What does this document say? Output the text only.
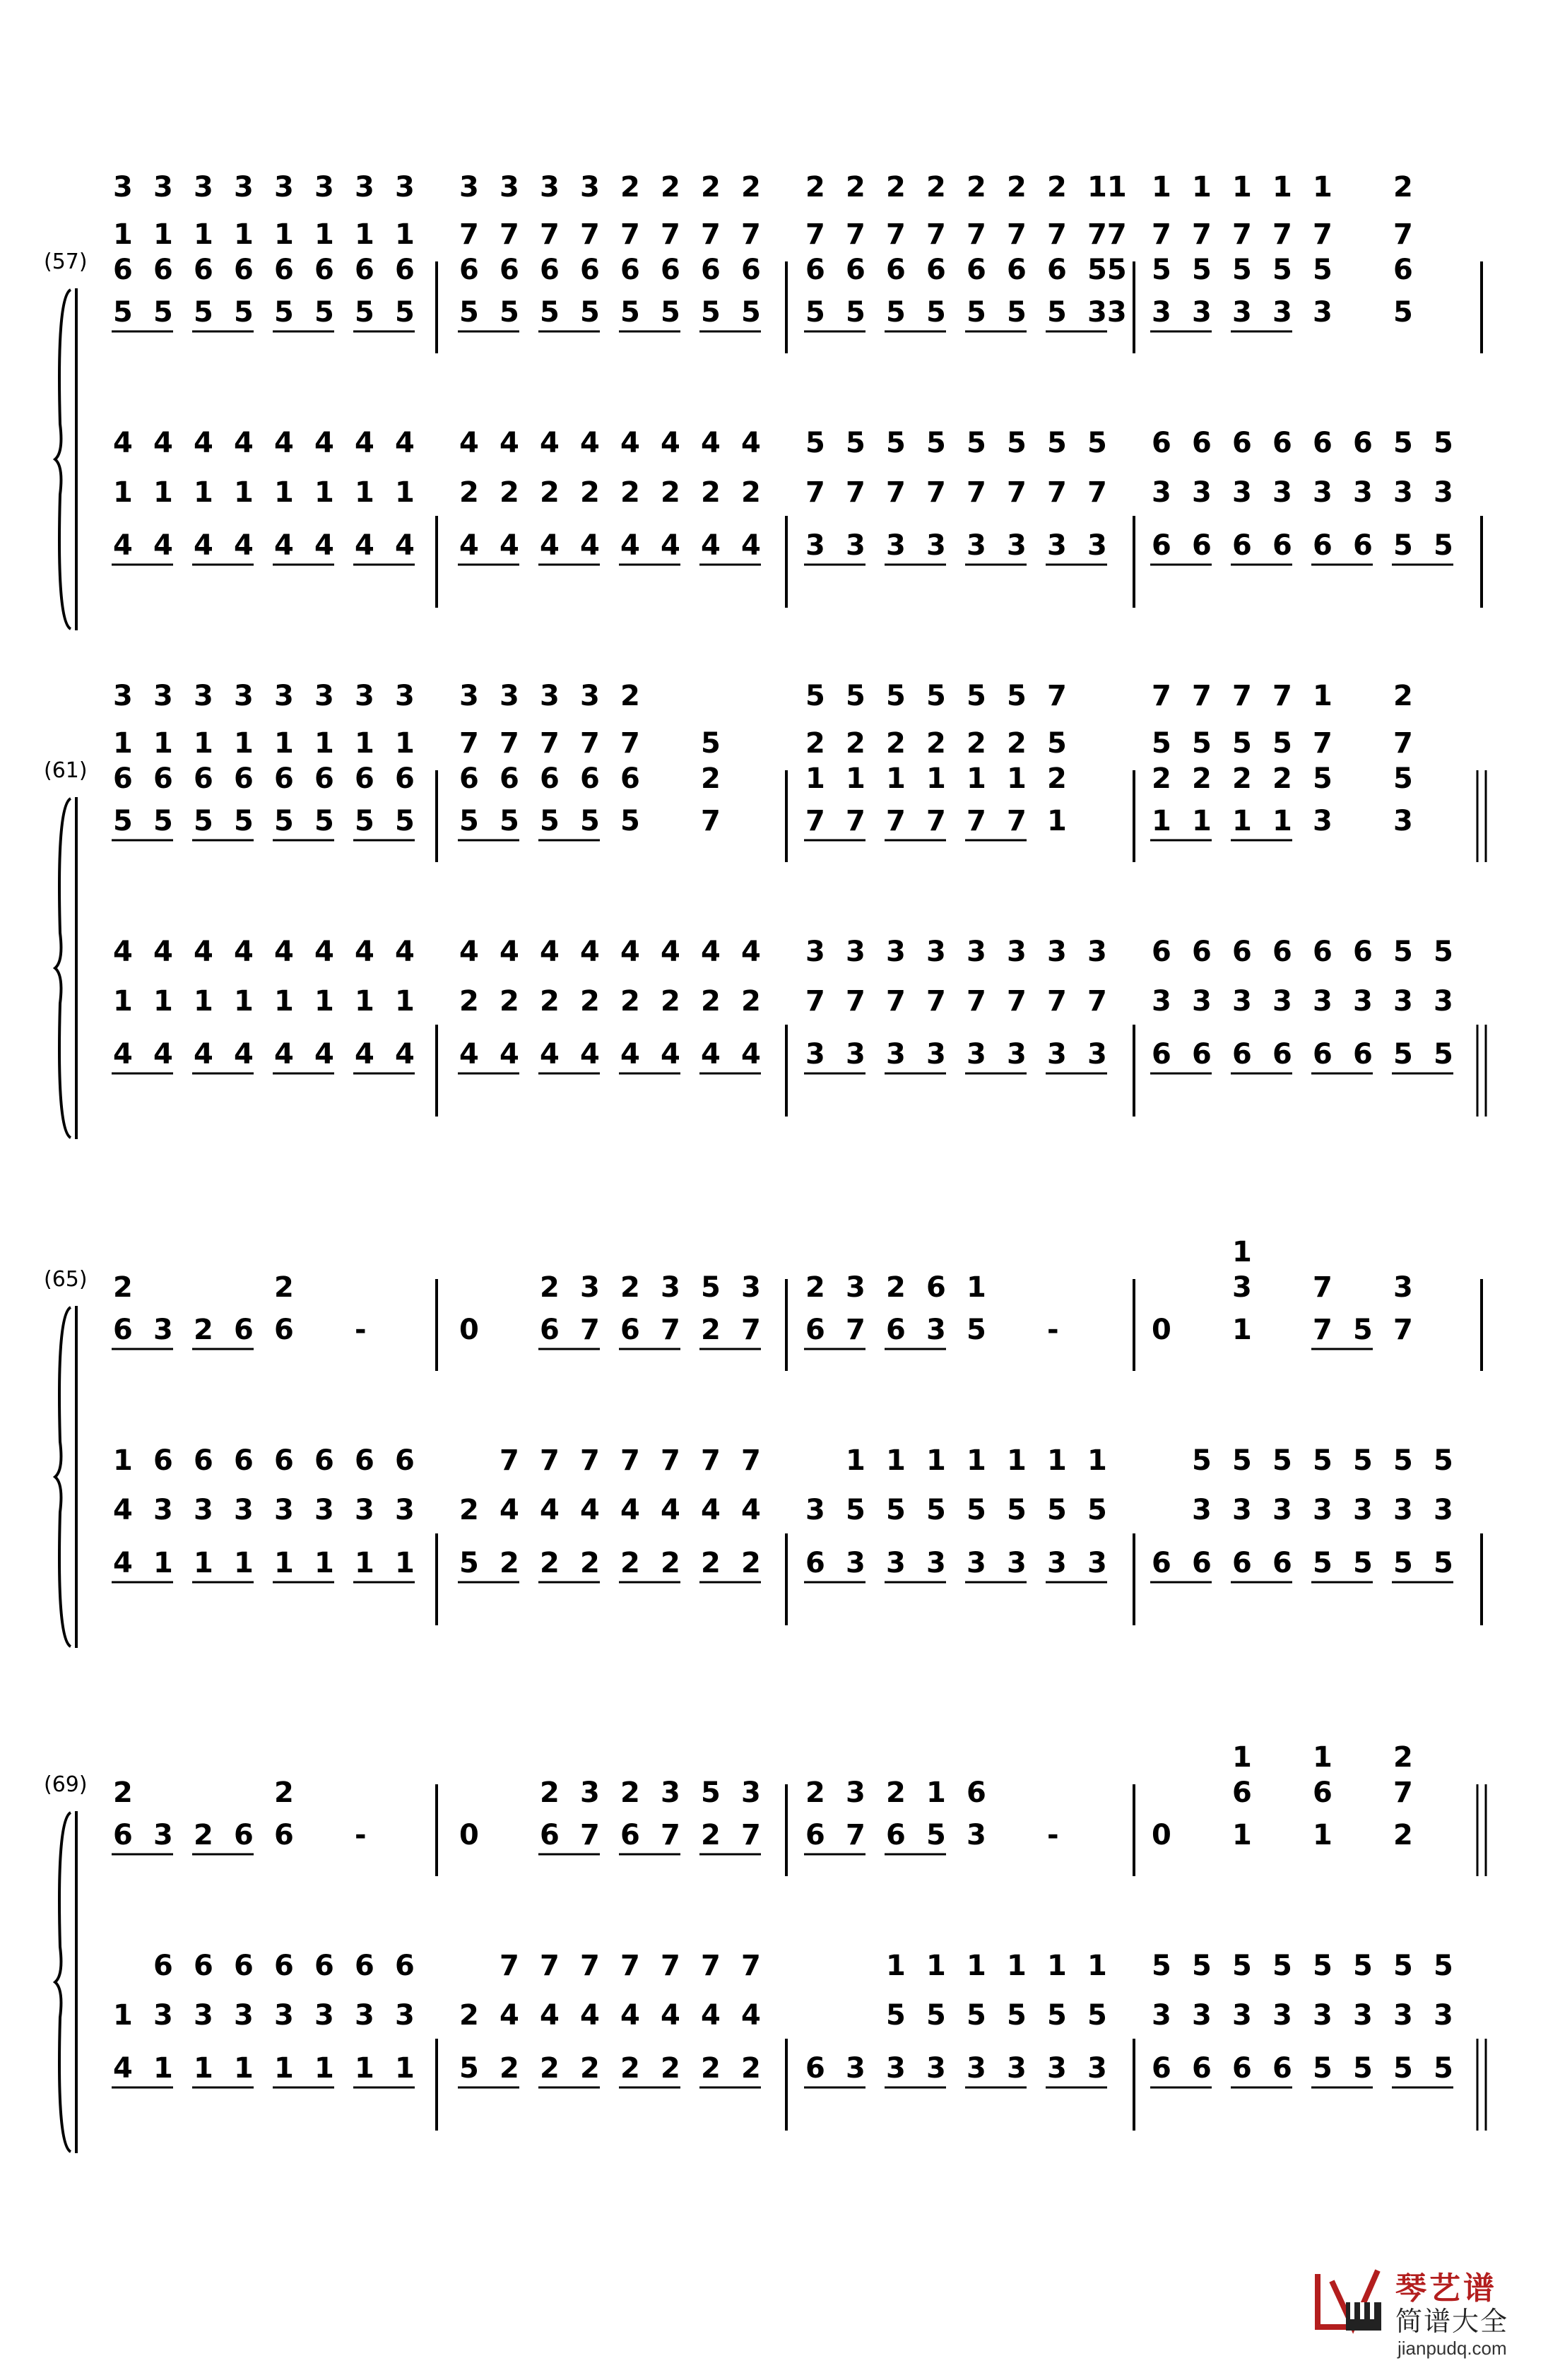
(57)
3 3 3 3 3 3 3 3
1 1 1 1 1 1 1 1
6 6 6 6 6 6 6 6
5 5 5 5 5 5 5 5
3 3 3 3 2 2 2 2
7 7 7 7 7 7 7 7
6 6 6 6 6 6 6 6
5 5 5 5 5 5 5 5
2 2 2 2 2 2 2 11
7 7 7 7 7 7 7 77
6 6 6 6 6 6 6 55
5 5 5 5 5 5 5 33
1 1 1 1 1 2
7 7 7 7 7 7
5 5 5 5 5 6
3 3 3 3 3 5
4 4 4 4 4 4 4 4
1 1 1 1 1 1 1 1
4 4 4 4 4 4 4 4
4 4 4 4 4 4 4 4
2 2 2 2 2 2 2 2
4 4 4 4 4 4 4 4
5 5 5 5 5 5 5 5
7 7 7 7 7 7 7 7
3 3 3 3 3 3 3 3
6 6 6 6 6 6 5 5
3 3 3 3 3 3 3 3
6 6 6 6 6 6 5 5
(61)
3 3 3 3 3 3 3 3
1 1 1 1 1 1 1 1
6 6 6 6 6 6 6 6
5 5 5 5 5 5 5 5
3 3 3 3 2
7 7 7 7 7 5
6 6 6 6 6 2
5 5 5 5 5 7
5 5 5 5 5 5 7
2 2 2 2 2 2 5
1 1 1 1 1 1 2
7 7 7 7 7 7 1
7 7 7 7 1 2
5 5 5 5 7 7
2 2 2 2 5 5
1 1 1 1 3 3
4 4 4 4 4 4 4 4
1 1 1 1 1 1 1 1
4 4 4 4 4 4 4 4
4 4 4 4 4 4 4 4
2 2 2 2 2 2 2 2
4 4 4 4 4 4 4 4
3 3 3 3 3 3 3 3
7 7 7 7 7 7 7 7
3 3 3 3 3 3 3 3
6 6 6 6 6 6 5 5
3 3 3 3 3 3 3 3
6 6 6 6 6 6 5 5
(65) 2	2
6 3 2 6 6 -
2 3 2 3 5 3
0 6 7 6 7 2 7
2 3 2 6 1
6 7 6 3 5 -
1
3 7 3
0 1 7 5 7
1 6 6 6 6 6 6 6
4 3 3 3 3 3 3 3
4 1 1 1 1 1 1 1
7 7 7 7 7 7 7
2 4 4 4 4 4 4 4
5 2 2 2 2 2 2 2
1 1 1 1 1 1 1
3 5 5 5 5 5 5 5
6 3 3 3 3 3 3 3
5 5 5 5 5 5 5
3 3 3 3 3 3 3
6 6 6 6 5 5 5 5
(69) 2	2
6 3 2 6 6 -
2 3 2 3 5 3
0 6 7 6 7 2 7
2 3 2 1 6
6 7 6 5 3 -
1 1 2
6 6 7
0 1 1 2
6 6 6 6 6 6 6
1 3 3 3 3 3 3 3
4 1 1 1 1 1 1 1
7 7 7 7 7 7 7
2 4 4 4 4 4 4 4
5 2 2 2 2 2 2 2
1 1 1 1 1 1
5 5 5 5 5 5
6 3 3 3 3 3 3 3
5 5 5 5 5 5 5 5
3 3 3 3 3 3 3 3
6 6 6 6 5 5 5 5
琴艺谱
简谱大全
jianpudq.com
